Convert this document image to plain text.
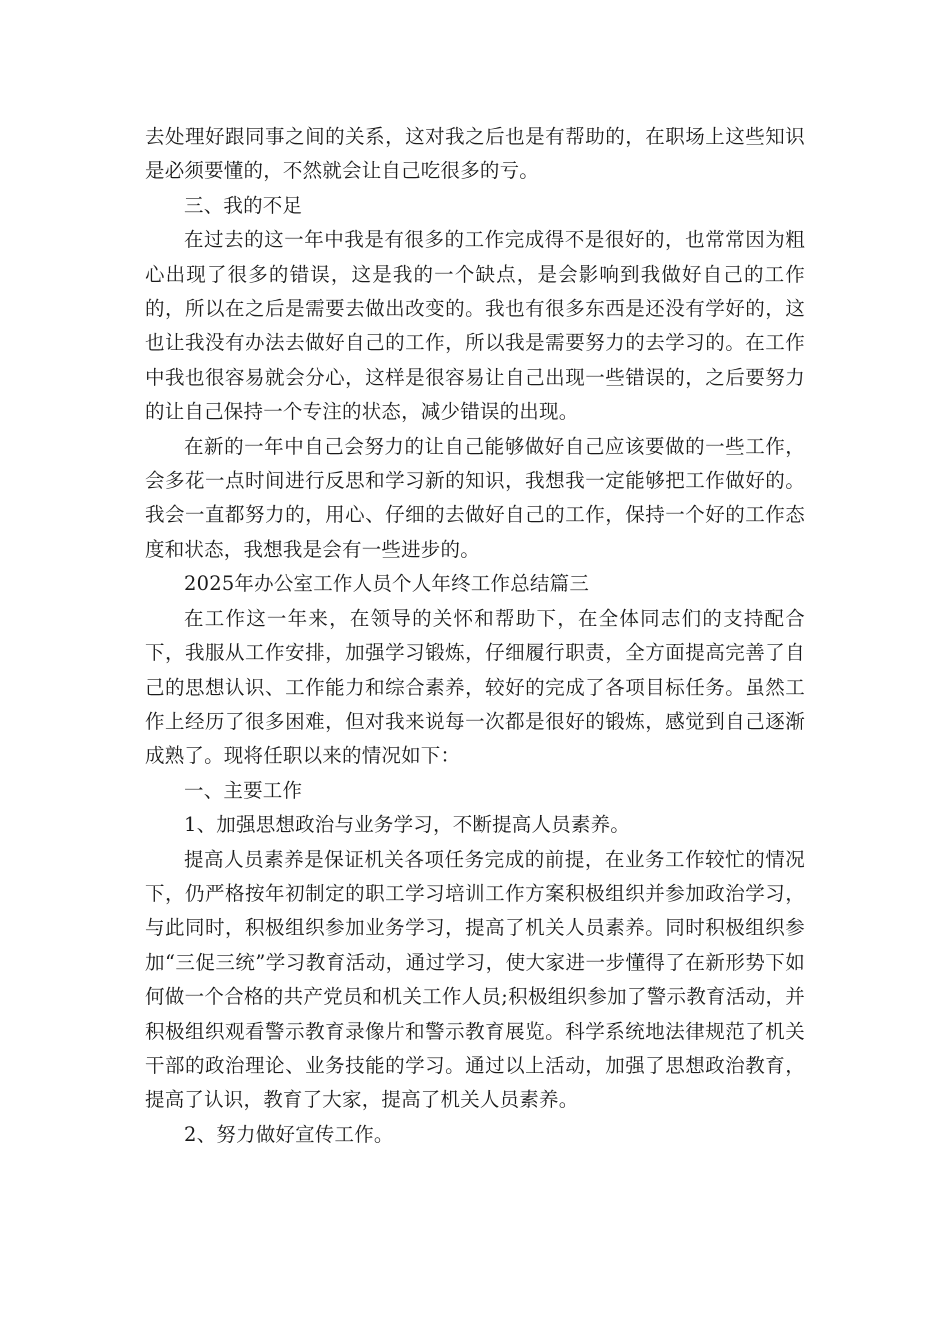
去处理好跟同事之间的关系，这对我之后也是有帮助的，在职场上这些知识是必须要懂的，不然就会让自己吃很多的亏。

三、我的不足

在过去的这一年中我是有很多的工作完成得不是很好的，也常常因为粗心出现了很多的错误，这是我的一个缺点，是会影响到我做好自己的工作的，所以在之后是需要去做出改变的。我也有很多东西是还没有学好的，这也让我没有办法去做好自己的工作，所以我是需要努力的去学习的。在工作中我也很容易就会分心，这样是很容易让自己出现一些错误的，之后要努力的让自己保持一个专注的状态，减少错误的出现。

在新的一年中自己会努力的让自己能够做好自己应该要做的一些工作，会多花一点时间进行反思和学习新的知识，我想我一定能够把工作做好的。我会一直都努力的，用心、仔细的去做好自己的工作，保持一个好的工作态度和状态，我想我是会有一些进步的。

2025年办公室工作人员个人年终工作总结篇三

在工作这一年来，在领导的关怀和帮助下，在全体同志们的支持配合下，我服从工作安排，加强学习锻炼，仔细履行职责，全方面提高完善了自己的思想认识、工作能力和综合素养，较好的完成了各项目标任务。虽然工作上经历了很多困难，但对我来说每一次都是很好的锻炼，感觉到自己逐渐成熟了。现将任职以来的情况如下：

一、主要工作

1、加强思想政治与业务学习，不断提高人员素养。

提高人员素养是保证机关各项任务完成的前提，在业务工作较忙的情况下，仍严格按年初制定的职工学习培训工作方案积极组织并参加政治学习，与此同时，积极组织参加业务学习，提高了机关人员素养。同时积极组织参加“三促三统”学习教育活动，通过学习，使大家进一步懂得了在新形势下如何做一个合格的共产党员和机关工作人员;积极组织参加了警示教育活动，并积极组织观看警示教育录像片和警示教育展览。科学系统地法律规范了机关干部的政治理论、业务技能的学习。通过以上活动，加强了思想政治教育，提高了认识，教育了大家，提高了机关人员素养。

2、努力做好宣传工作。
